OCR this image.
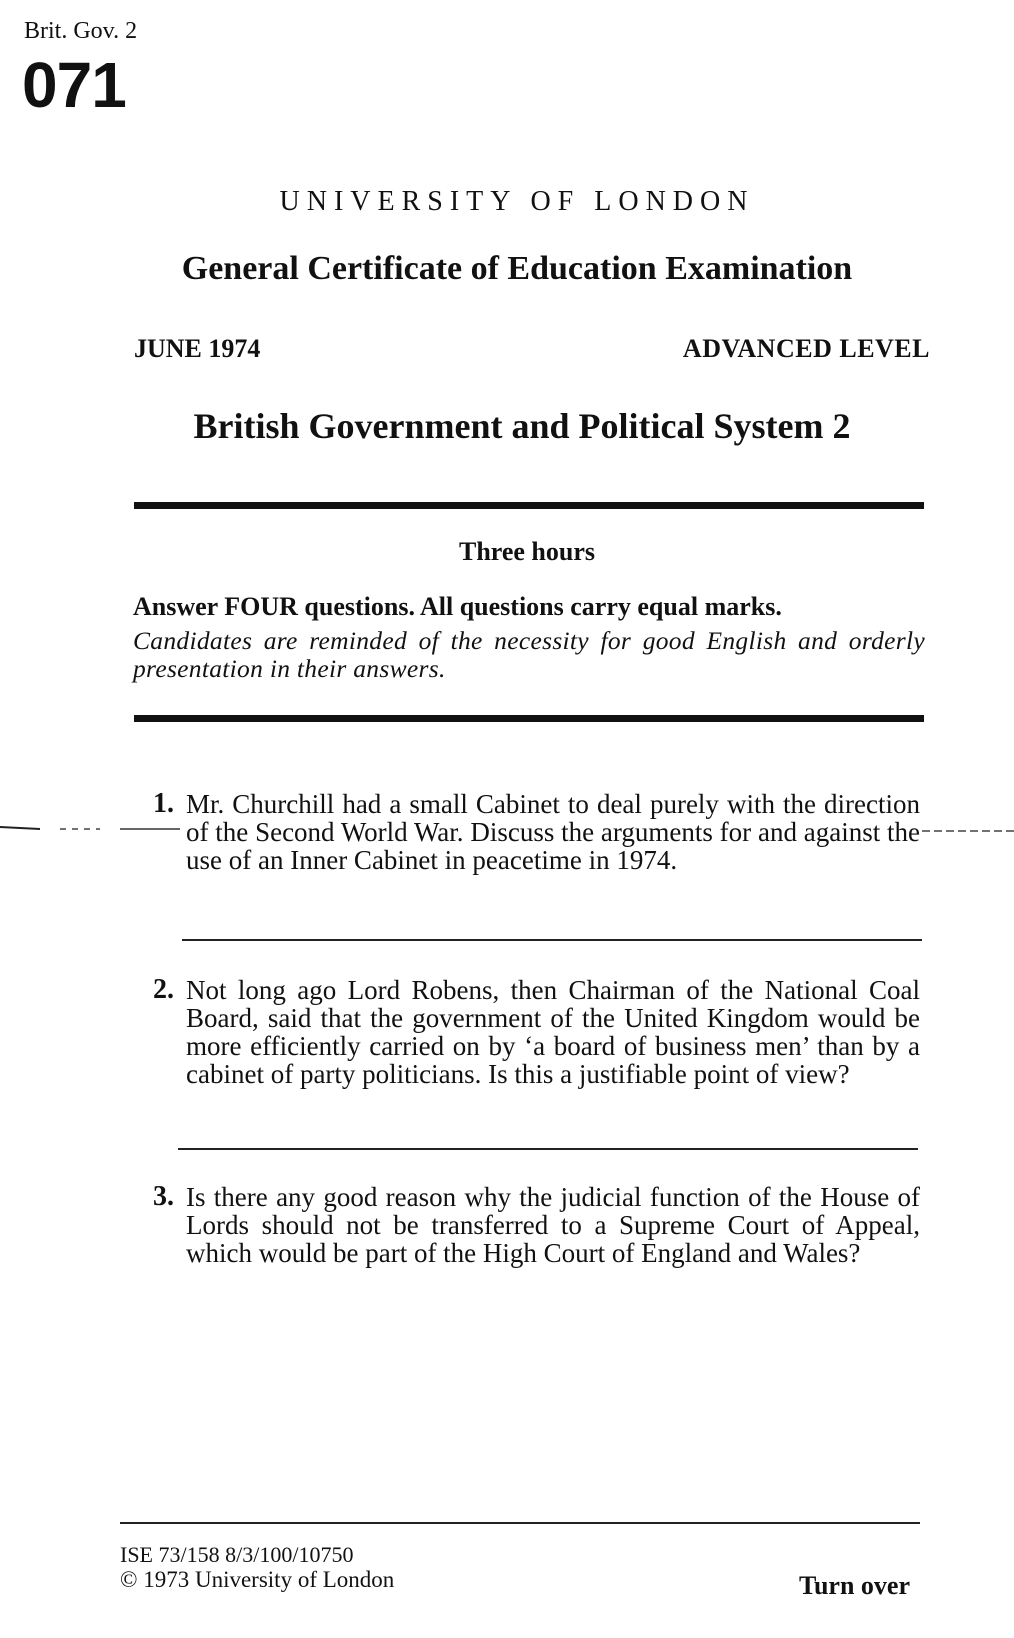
Brit. Gov. 2
071
UNIVERSITY OF LONDON
General Certificate of Education Examination
JUNE 1974	ADVANCED LEVEL
British Government and Political System 2
Three hours
Answer FOUR questions. All questions carry equal marks.
Candidates are reminded of the necessity for good English and orderly presentation in their answers.
1. Mr. Churchill had a small Cabinet to deal purely with the direction of the Second World War. Discuss the arguments for and against the use of an Inner Cabinet in peacetime in 1974.
2. Not long ago Lord Robens, then Chairman of the National Coal Board, said that the government of the United Kingdom would be more efficiently carried on by ‘a board of business men’ than by a cabinet of party politicians. Is this a justifiable point of view?
3. Is there any good reason why the judicial function of the House of Lords should not be transferred to a Supreme Court of Appeal, which would be part of the High Court of England and Wales?
ISE 73/158 8/3/100/10750
© 1973 University of London	Turn over
